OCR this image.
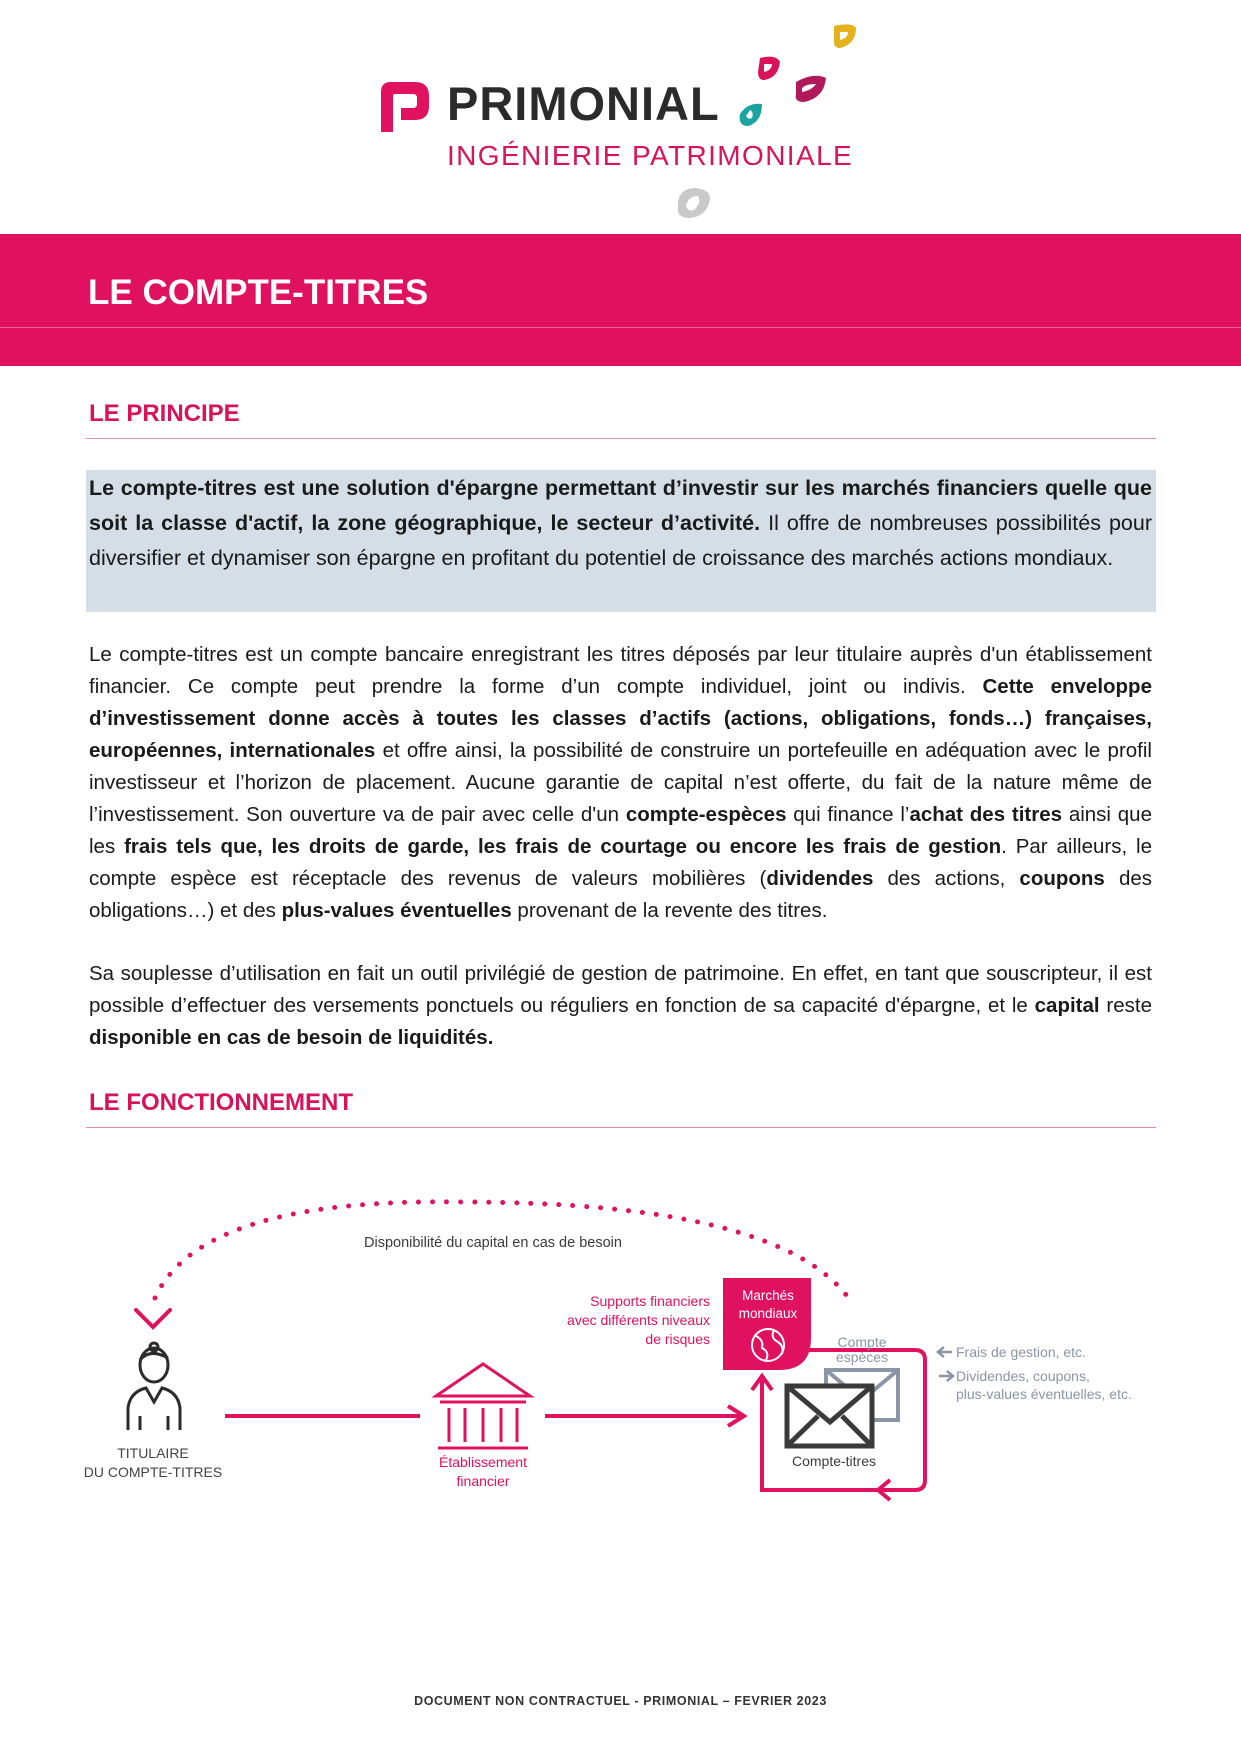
PRIMONIAL
INGÉNIERIE PATRIMONIALE
LE COMPTE-TITRES
LE PRINCIPE
Le compte-titres est une solution d'épargne permettant d’investir sur les marchés financiers quelle que soit la classe d'actif, la zone géographique, le secteur d’activité. Il offre de nombreuses possibilités pour diversifier et dynamiser son épargne en profitant du potentiel de croissance des marchés actions mondiaux.
Le compte-titres est un compte bancaire enregistrant les titres déposés par leur titulaire auprès d'un établissement financier. Ce compte peut prendre la forme d’un compte individuel, joint ou indivis. Cette enveloppe d’investissement donne accès à toutes les classes d’actifs (actions, obligations, fonds…) françaises, européennes, internationales et offre ainsi, la possibilité de construire un portefeuille en adéquation avec le profil investisseur et l’horizon de placement. Aucune garantie de capital n’est offerte, du fait de la nature même de l’investissement. Son ouverture va de pair avec celle d'un compte-espèces qui finance l’achat des titres ainsi que les frais tels que, les droits de garde, les frais de courtage ou encore les frais de gestion. Par ailleurs, le compte espèce est réceptacle des revenus de valeurs mobilières (dividendes des actions, coupons des obligations…) et des plus-values éventuelles provenant de la revente des titres.
Sa souplesse d’utilisation en fait un outil privilégié de gestion de patrimoine. En effet, en tant que souscripteur, il est possible d’effectuer des versements ponctuels ou réguliers en fonction de sa capacité d'épargne, et le capital reste disponible en cas de besoin de liquidités.
LE FONCTIONNEMENT
Disponibilité du capital en cas de besoin
TITULAIRE
DU COMPTE-TITRES
Établissement
financier
Supports financiers
avec différents niveaux
de risques
Marchés
mondiaux
Compte
espèces
Compte-titres
Frais de gestion, etc.
Dividendes, coupons,
plus-values éventuelles, etc.
DOCUMENT NON CONTRACTUEL - PRIMONIAL – FEVRIER 2023
